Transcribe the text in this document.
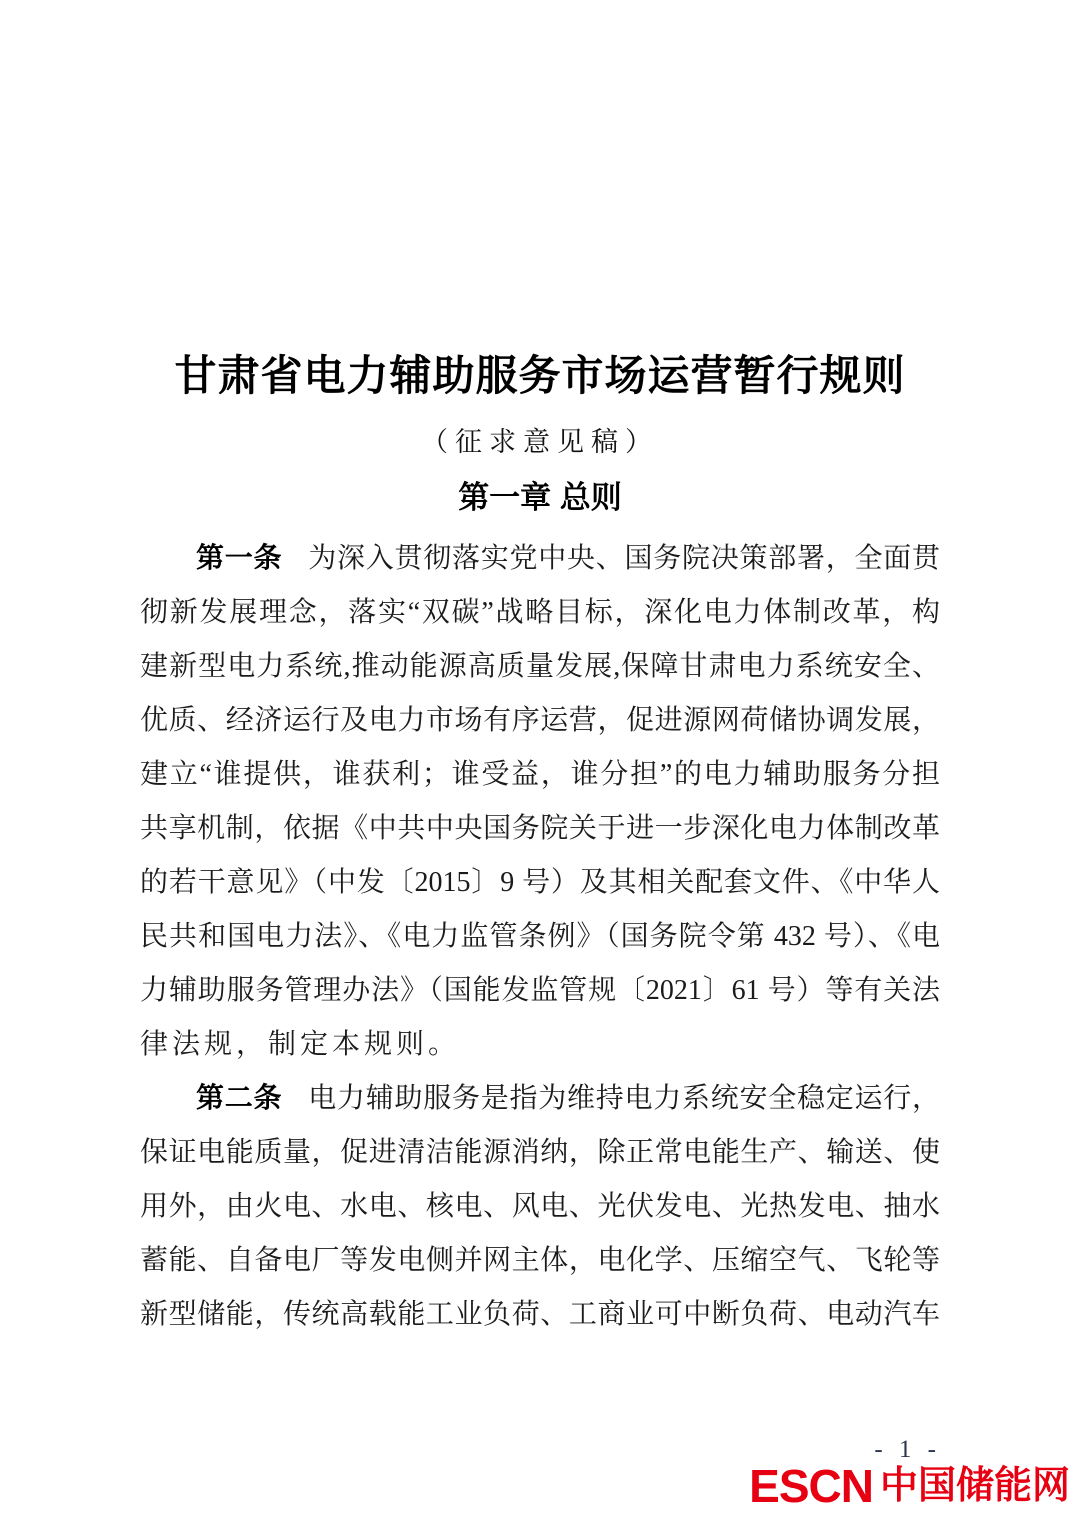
甘肃省电力辅助服务市场运营暂行规则
（征求意见稿）
第一章 总则
第一条 为深入贯彻落实党中央、国务院决策部署，全面贯
彻新发展理念，落实“双碳”战略目标，深化电力体制改革，构
建新型电力系统,推动能源高质量发展,保障甘肃电力系统安全、
优质、经济运行及电力市场有序运营，促进源网荷储协调发展，
建立“谁提供，谁获利；谁受益，谁分担”的电力辅助服务分担
共享机制，依据《中共中央国务院关于进一步深化电力体制改革
的若干意见》（中发〔2015〕9 号）及其相关配套文件、《中华人
民共和国电力法》、《电力监管条例》（国务院令第 432 号）、《电
力辅助服务管理办法》（国能发监管规〔2021〕61 号）等有关法
律法规，制定本规则。
第二条 电力辅助服务是指为维持电力系统安全稳定运行，
保证电能质量，促进清洁能源消纳，除正常电能生产、输送、使
用外，由火电、水电、核电、风电、光伏发电、光热发电、抽水
蓄能、自备电厂等发电侧并网主体，电化学、压缩空气、飞轮等
新型储能，传统高载能工业负荷、工商业可中断负荷、电动汽车
- 1 -
ESCN 中国储能网
